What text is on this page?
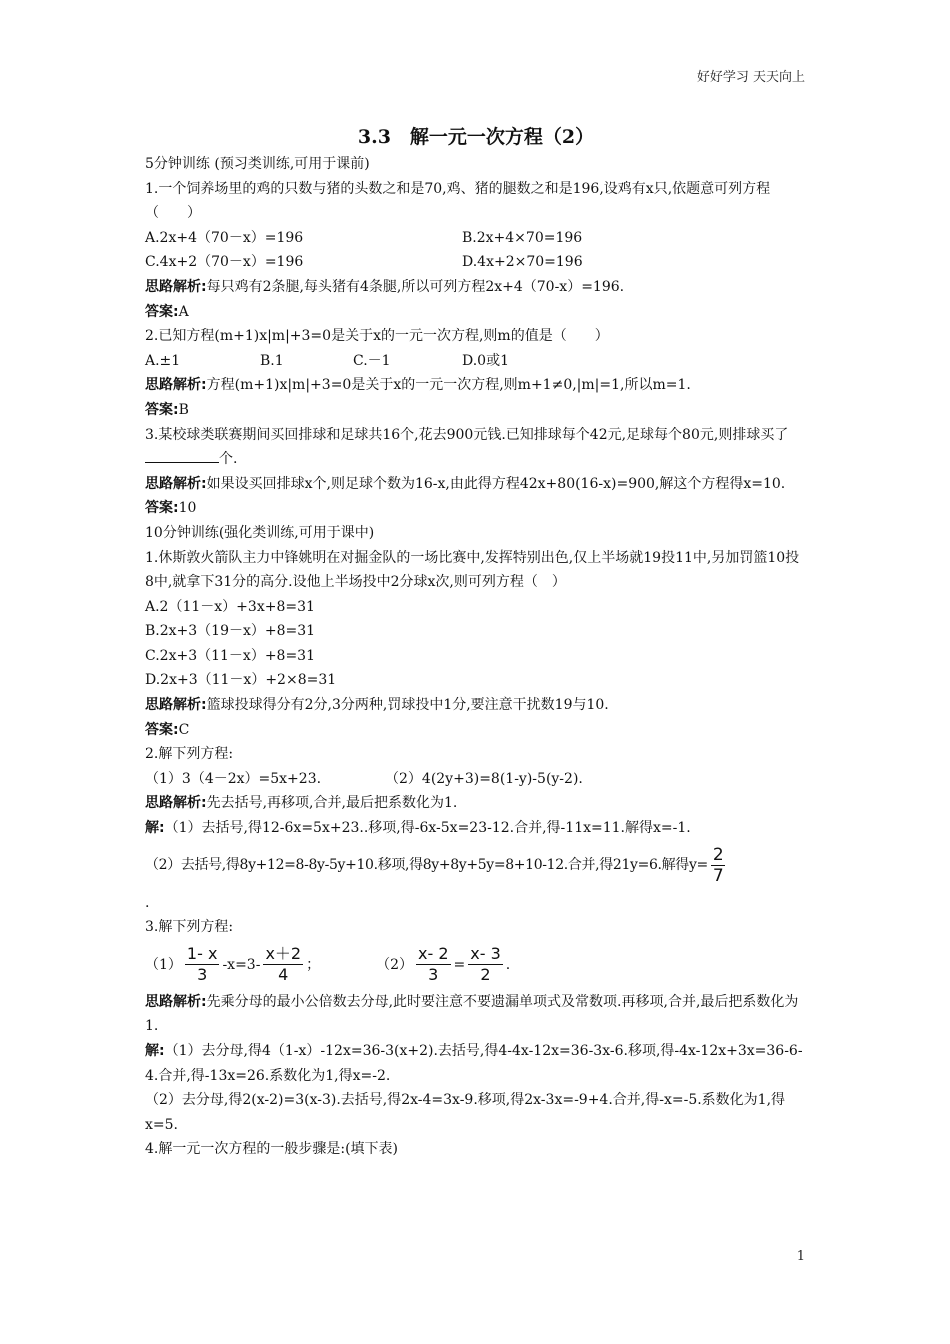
好好学习 天天向上
3.3　解一元一次方程（2）
5分钟训练 (预习类训练,可用于课前)
1.一个饲养场里的鸡的只数与猪的头数之和是70,鸡、猪的腿数之和是196,设鸡有x只,依题意可列方程（　　）
A.2x+4（70－x）=196	B.2x+4×70=196
C.4x+2（70－x）=196	D.4x+2×70=196
思路解析:每只鸡有2条腿,每头猪有4条腿,所以可列方程2x+4（70-x）=196.
答案:A
2.已知方程(m+1)x|m|+3=0是关于x的一元一次方程,则m的值是（　　）
A.±1	B.1	C.－1	D.0或1
思路解析:方程(m+1)x|m|+3=0是关于x的一元一次方程,则m+1≠0,|m|=1,所以m=1.
答案:B
3.某校球类联赛期间买回排球和足球共16个,花去900元钱.已知排球每个42元,足球每个80元,则排球买了个.
思路解析:如果设买回排球x个,则足球个数为16-x,由此得方程42x+80(16-x)=900,解这个方程得x=10.
答案:10
10分钟训练(强化类训练,可用于课中)
1.休斯敦火箭队主力中锋姚明在对掘金队的一场比赛中,发挥特别出色,仅上半场就19投11中,另加罚篮10投8中,就拿下31分的高分.设他上半场投中2分球x次,则可列方程（　）
A.2（11－x）+3x+8=31
B.2x+3（19－x）+8=31
C.2x+3（11－x）+8=31
D.2x+3（11－x）+2×8=31
思路解析:篮球投球得分有2分,3分两种,罚球投中1分,要注意干扰数19与10.
答案:C
2.解下列方程:
（1）3（4－2x）=5x+23.	（2）4(2y+3)=8(1-y)-5(y-2).
思路解析:先去括号,再移项,合并,最后把系数化为1.
解:（1）去括号,得12-6x=5x+23..移项,得-6x-5x=23-12.合并,得-11x=11.解得x=-1.
（2）去括号,得8y+12=8-8y-5y+10.移项,得8y+8y+5y=8+10-12.合并,得21y=6.解得$y= \frac{2}{7}$
.
3.解下列方程:
$(1) \frac{1- x}{3} -x=3- \frac{x+2}{4}$ ；	$(2) \frac{x- 2}{3} = \frac{x- 3}{2}$ .
思路解析:先乘分母的最小公倍数去分母,此时要注意不要遗漏单项式及常数项.再移项,合并,最后把系数化为1.
解:（1）去分母,得4（1-x）-12x=36-3(x+2).去括号,得4-4x-12x=36-3x-6.移项,得-4x-12x+3x=36-6-4.合并,得-13x=26.系数化为1,得x=-2.
（2）去分母,得2(x-2)=3(x-3).去括号,得2x-4=3x-9.移项,得2x-3x=-9+4.合并,得-x=-5.系数化为1,得x=5.
4.解一元一次方程的一般步骤是:(填下表)
1
